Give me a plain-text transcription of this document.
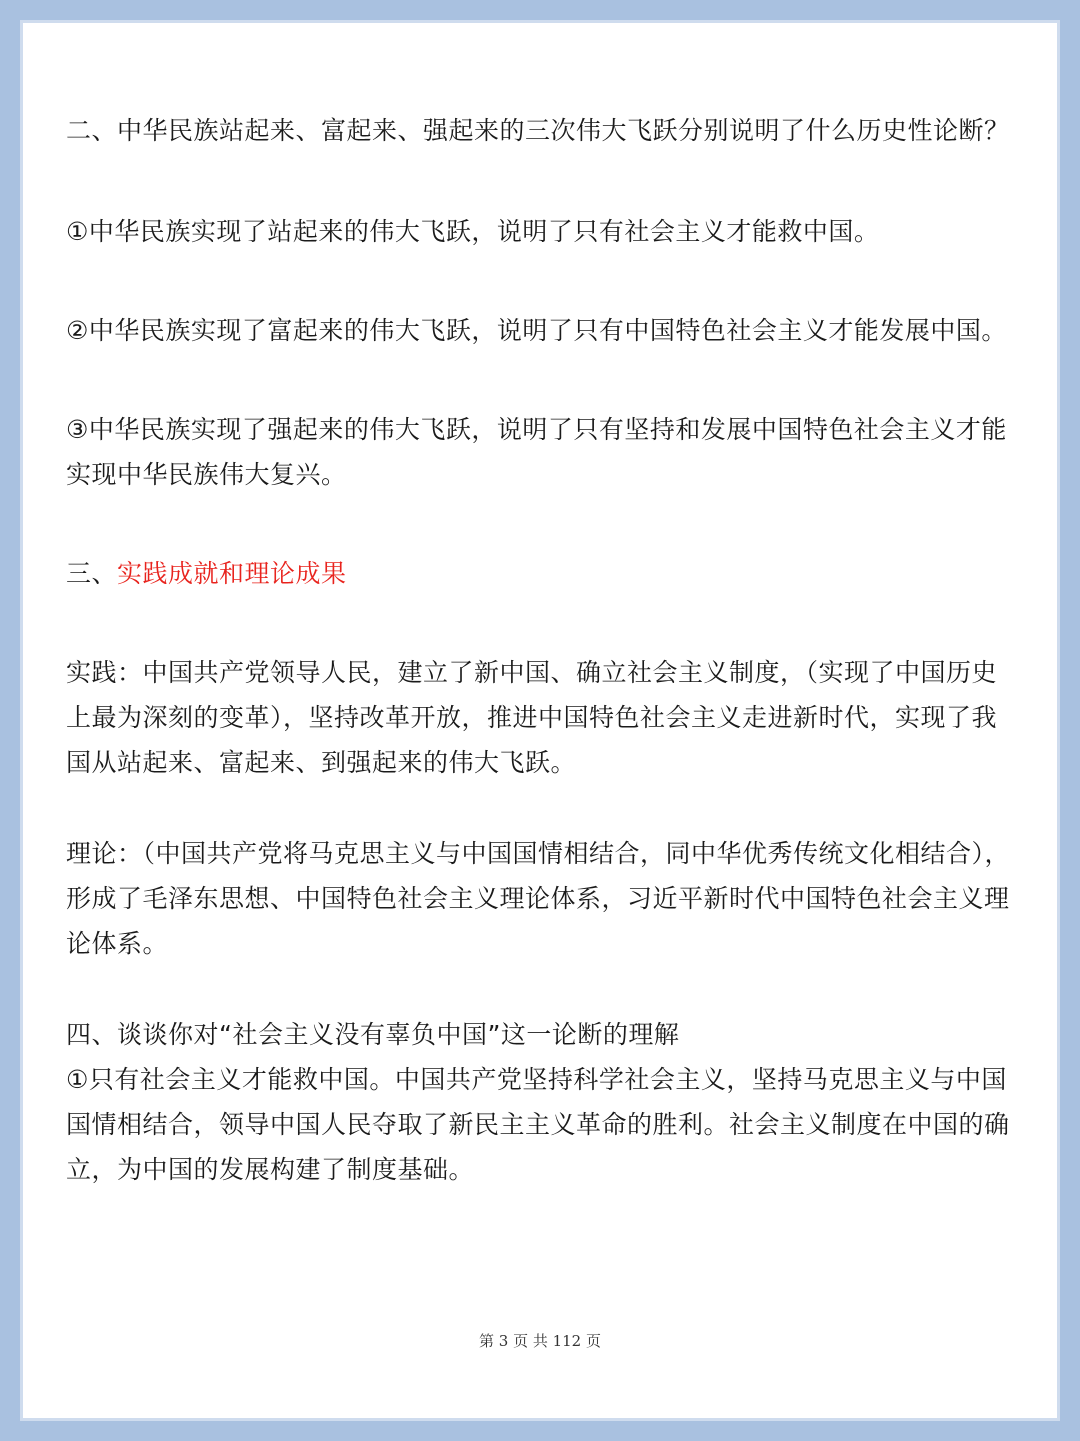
二、中华民族站起来、富起来、强起来的三次伟大飞跃分别说明了什么历史性论断？

①中华民族实现了站起来的伟大飞跃，说明了只有社会主义才能救中国。

②中华民族实现了富起来的伟大飞跃，说明了只有中国特色社会主义才能发展中国。

③中华民族实现了强起来的伟大飞跃，说明了只有坚持和发展中国特色社会主义才能实现中华民族伟大复兴。

三、实践成就和理论成果

实践：中国共产党领导人民，建立了新中国、确立社会主义制度，（实现了中国历史上最为深刻的变革），坚持改革开放，推进中国特色社会主义走进新时代，实现了我国从站起来、富起来、到强起来的伟大飞跃。

理论：（中国共产党将马克思主义与中国国情相结合，同中华优秀传统文化相结合），形成了毛泽东思想、中国特色社会主义理论体系，习近平新时代中国特色社会主义理论体系。

四、谈谈你对“社会主义没有辜负中国”这一论断的理解

①只有社会主义才能救中国。中国共产党坚持科学社会主义，坚持马克思主义与中国国情相结合，领导中国人民夺取了新民主主义革命的胜利。社会主义制度在中国的确立，为中国的发展构建了制度基础。

第 3 页 共 112 页
